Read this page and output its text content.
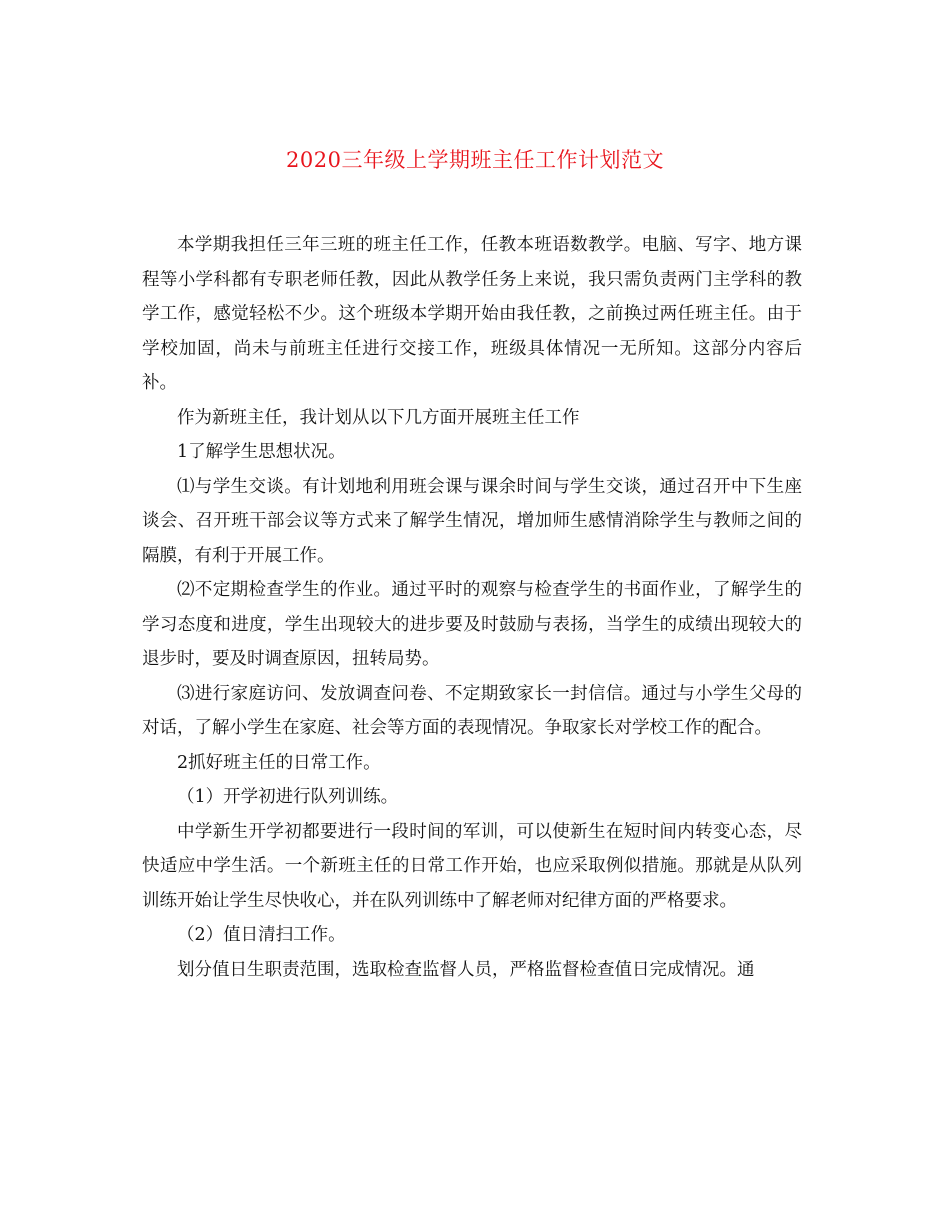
2020三年级上学期班主任工作计划范文

本学期我担任三年三班的班主任工作，任教本班语数教学。电脑、写字、地方课程等小学科都有专职老师任教，因此从教学任务上来说，我只需负责两门主学科的教学工作，感觉轻松不少。这个班级本学期开始由我任教，之前换过两任班主任。由于学校加固，尚未与前班主任进行交接工作，班级具体情况一无所知。这部分内容后补。

作为新班主任，我计划从以下几方面开展班主任工作

1了解学生思想状况。

⑴与学生交谈。有计划地利用班会课与课余时间与学生交谈，通过召开中下生座谈会、召开班干部会议等方式来了解学生情况，增加师生感情消除学生与教师之间的隔膜，有利于开展工作。

⑵不定期检查学生的作业。通过平时的观察与检查学生的书面作业，了解学生的学习态度和进度，学生出现较大的进步要及时鼓励与表扬，当学生的成绩出现较大的退步时，要及时调查原因，扭转局势。

⑶进行家庭访问、发放调查问卷、不定期致家长一封信信。通过与小学生父母的对话，了解小学生在家庭、社会等方面的表现情况。争取家长对学校工作的配合。

2抓好班主任的日常工作。

（1）开学初进行队列训练。

中学新生开学初都要进行一段时间的军训，可以使新生在短时间内转变心态，尽快适应中学生活。一个新班主任的日常工作开始，也应采取例似措施。那就是从队列训练开始让学生尽快收心，并在队列训练中了解老师对纪律方面的严格要求。

（2）值日清扫工作。

划分值日生职责范围，选取检查监督人员，严格监督检查值日完成情况。通
